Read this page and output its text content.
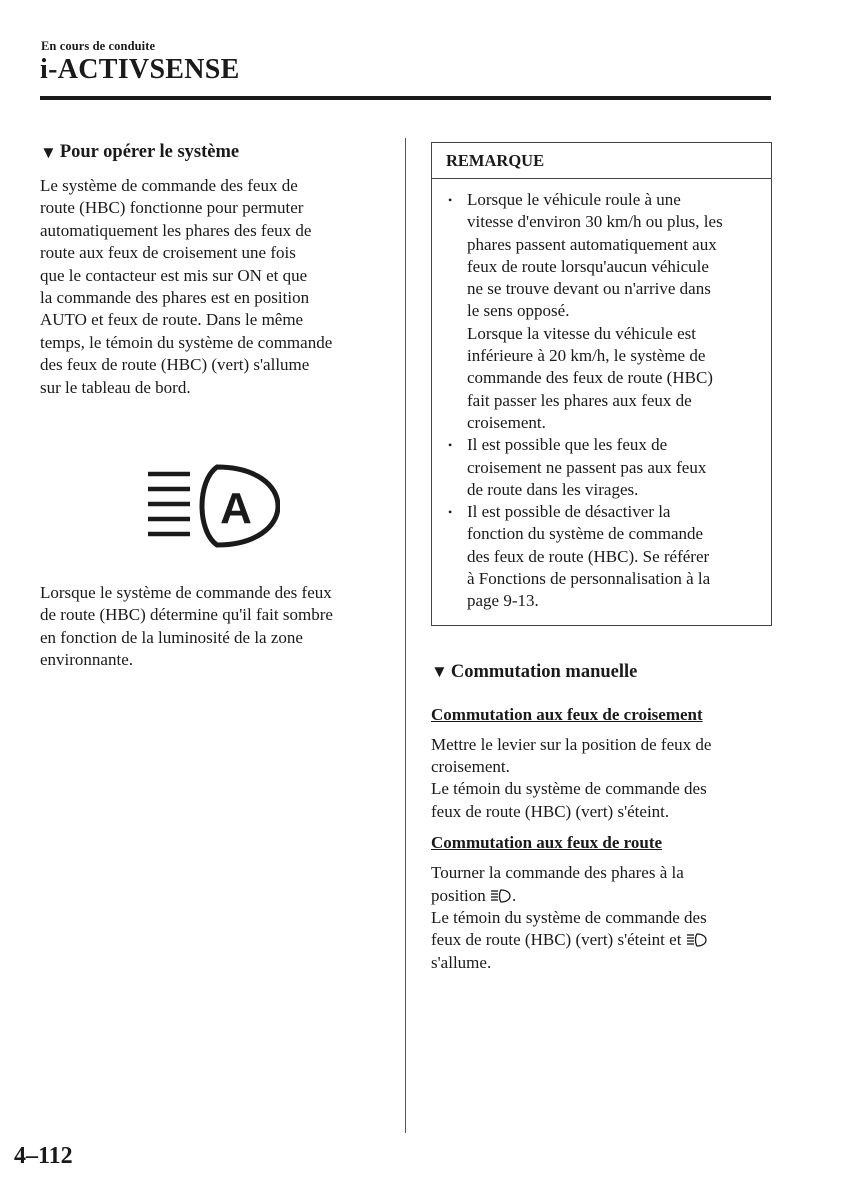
En cours de conduite
i-ACTIVSENSE
▼ Pour opérer le système
Le système de commande des feux de
route (HBC) fonctionne pour permuter
automatiquement les phares des feux de
route aux feux de croisement une fois
que le contacteur est mis sur ON et que
la commande des phares est en position
AUTO et feux de route. Dans le même
temps, le témoin du système de commande
des feux de route (HBC) (vert) s'allume
sur le tableau de bord.
A
Lorsque le système de commande des feux
de route (HBC) détermine qu'il fait sombre
en fonction de la luminosité de la zone
environnante.
REMARQUE
• Lorsque le véhicule roule à une
vitesse d'environ 30 km/h ou plus, les
phares passent automatiquement aux
feux de route lorsqu'aucun véhicule
ne se trouve devant ou n'arrive dans
le sens opposé.
Lorsque la vitesse du véhicule est
inférieure à 20 km/h, le système de
commande des feux de route (HBC)
fait passer les phares aux feux de
croisement.
• Il est possible que les feux de
croisement ne passent pas aux feux
de route dans les virages.
• Il est possible de désactiver la
fonction du système de commande
des feux de route (HBC). Se référer
à Fonctions de personnalisation à la
page 9-13.
▼ Commutation manuelle

Commutation aux feux de croisement

Mettre le levier sur la position de feux de
croisement.
Le témoin du système de commande des
feux de route (HBC) (vert) s'éteint.

Commutation aux feux de route

Tourner la commande des phares à la
position .
Le témoin du système de commande des
feux de route (HBC) (vert) s'éteint et
s'allume.
4–112
